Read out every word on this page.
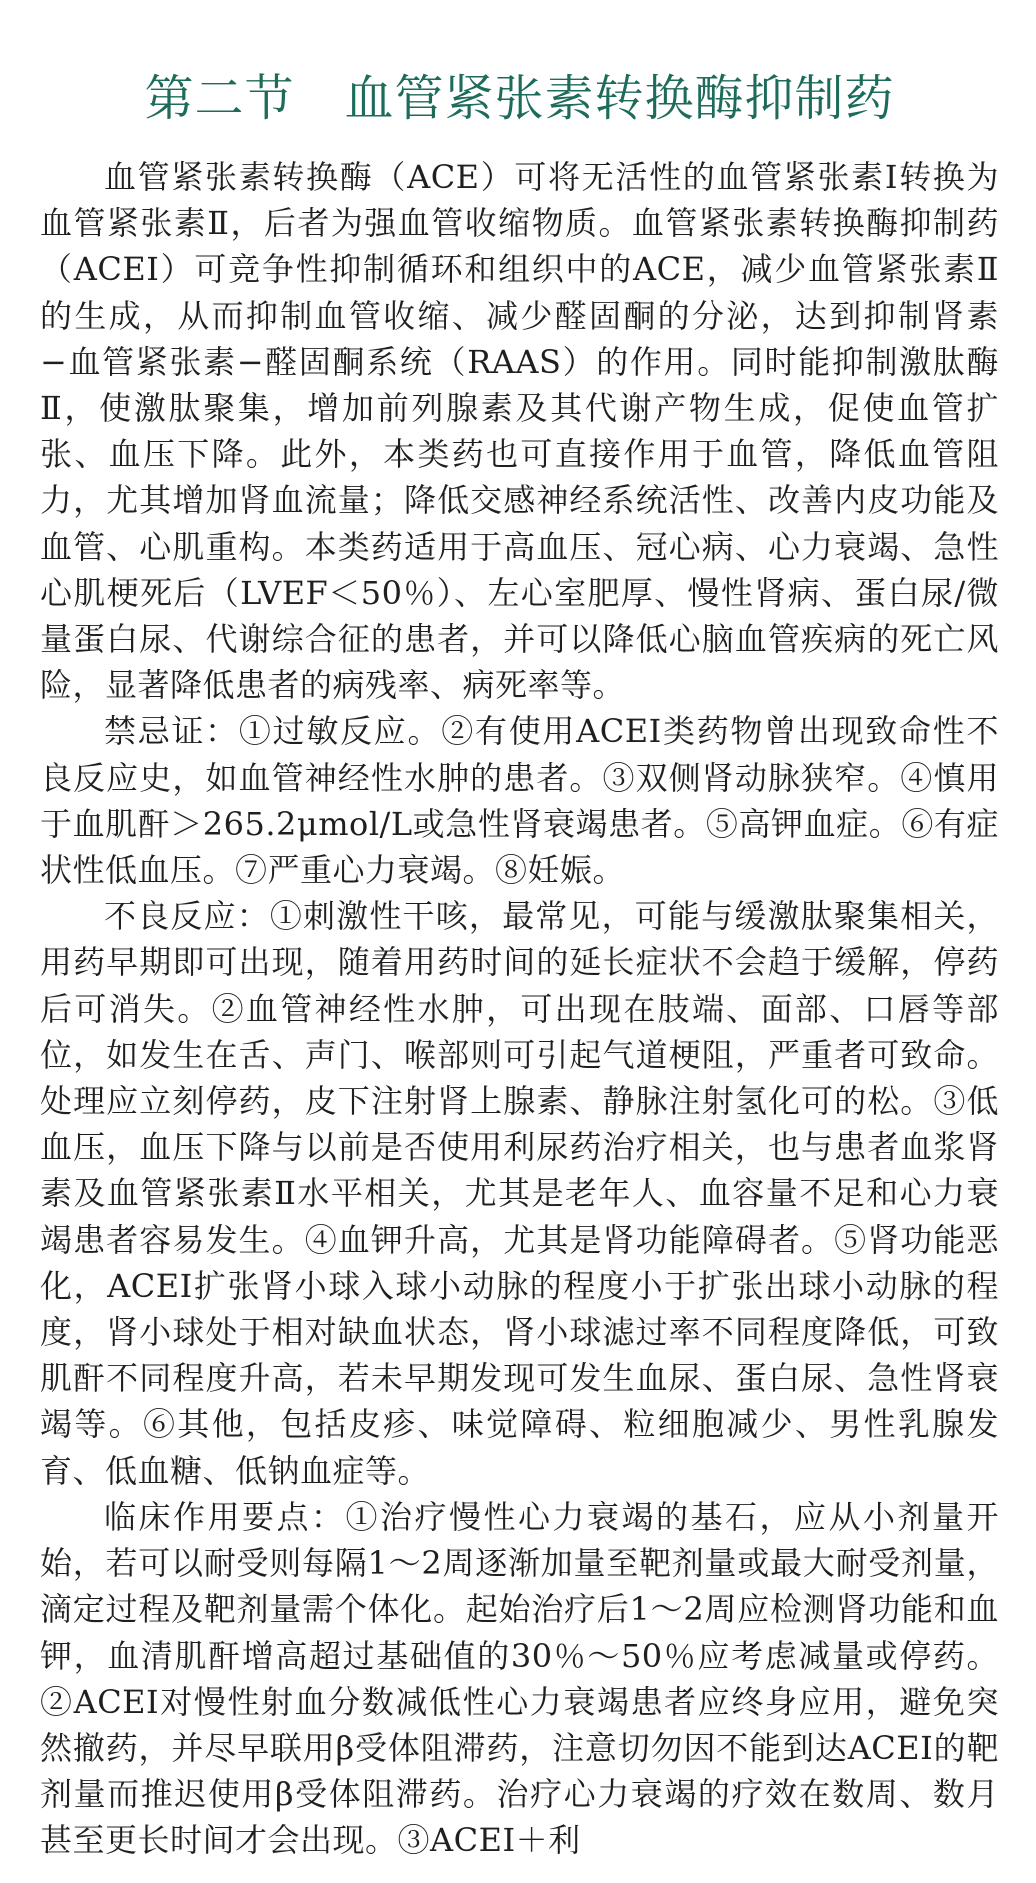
第二节　血管紧张素转换酶抑制药

血管紧张素转换酶（ACE）可将无活性的血管紧张素Ⅰ转换为血管紧张素Ⅱ，后者为强血管收缩物质。血管紧张素转换酶抑制药（ACEI）可竞争性抑制循环和组织中的ACE，减少血管紧张素Ⅱ的生成，从而抑制血管收缩、减少醛固酮的分泌，达到抑制肾素−血管紧张素−醛固酮系统（RAAS）的作用。同时能抑制激肽酶Ⅱ，使激肽聚集，增加前列腺素及其代谢产物生成，促使血管扩张、血压下降。此外，本类药也可直接作用于血管，降低血管阻力，尤其增加肾血流量；降低交感神经系统活性、改善内皮功能及血管、心肌重构。本类药适用于高血压、冠心病、心力衰竭、急性心肌梗死后（LVEF＜50％）、左心室肥厚、慢性肾病、蛋白尿/微量蛋白尿、代谢综合征的患者，并可以降低心脑血管疾病的死亡风险，显著降低患者的病残率、病死率等。

禁忌证：①过敏反应。②有使用ACEI类药物曾出现致命性不良反应史，如血管神经性水肿的患者。③双侧肾动脉狭窄。④慎用于血肌酐＞265.2μmol/L或急性肾衰竭患者。⑤高钾血症。⑥有症状性低血压。⑦严重心力衰竭。⑧妊娠。

不良反应：①刺激性干咳，最常见，可能与缓激肽聚集相关，用药早期即可出现，随着用药时间的延长症状不会趋于缓解，停药后可消失。②血管神经性水肿，可出现在肢端、面部、口唇等部位，如发生在舌、声门、喉部则可引起气道梗阻，严重者可致命。处理应立刻停药，皮下注射肾上腺素、静脉注射氢化可的松。③低血压，血压下降与以前是否使用利尿药治疗相关，也与患者血浆肾素及血管紧张素Ⅱ水平相关，尤其是老年人、血容量不足和心力衰竭患者容易发生。④血钾升高，尤其是肾功能障碍者。⑤肾功能恶化，ACEI扩张肾小球入球小动脉的程度小于扩张出球小动脉的程度，肾小球处于相对缺血状态，肾小球滤过率不同程度降低，可致肌酐不同程度升高，若未早期发现可发生血尿、蛋白尿、急性肾衰竭等。⑥其他，包括皮疹、味觉障碍、粒细胞减少、男性乳腺发育、低血糖、低钠血症等。

临床作用要点：①治疗慢性心力衰竭的基石，应从小剂量开始，若可以耐受则每隔1～2周逐渐加量至靶剂量或最大耐受剂量，滴定过程及靶剂量需个体化。起始治疗后1～2周应检测肾功能和血钾，血清肌酐增高超过基础值的30％～50％应考虑减量或停药。②ACEI对慢性射血分数减低性心力衰竭患者应终身应用，避免突然撤药，并尽早联用β受体阻滞药，注意切勿因不能到达ACEI的靶剂量而推迟使用β受体阻滞药。治疗心力衰竭的疗效在数周、数月甚至更长时间才会出现。③ACEI＋利
